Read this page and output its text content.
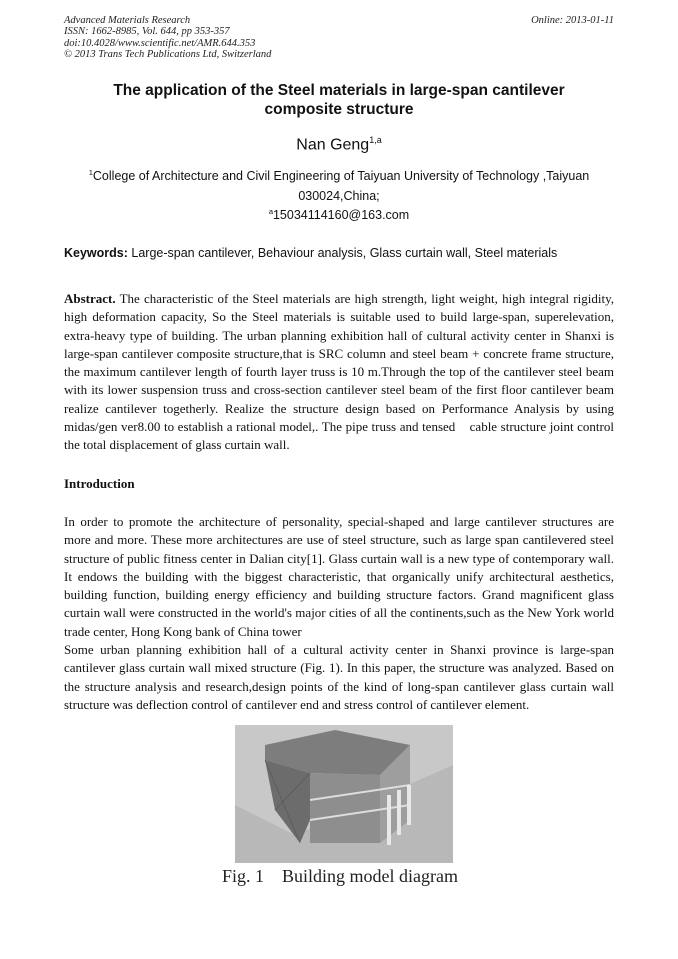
Advanced Materials Research
ISSN: 1662-8985, Vol. 644, pp 353-357
doi:10.4028/www.scientific.net/AMR.644.353
© 2013 Trans Tech Publications Ltd, Switzerland
Online: 2013-01-11
The application of the Steel materials in large-span cantilever
composite structure
Nan Geng$^{1,a}$
$^1$College of Architecture and Civil Engineering of Taiyuan University of Technology ,Taiyuan
030024,China;
$^a$15034114160@163.com
Keywords: Large-span cantilever, Behaviour analysis, Glass curtain wall, Steel materials
Abstract. The characteristic of the Steel materials are high strength, light weight, high integral rigidity, high deformation capacity, So the Steel materials is suitable used to build large-span, superelevation, extra-heavy type of building. The urban planning exhibition hall of cultural activity center in Shanxi is large-span cantilever composite structure,that is SRC column and steel beam + concrete frame structure, the maximum cantilever length of fourth layer truss is 10 m.Through the top of the cantilever steel beam with its lower suspension truss and cross-section cantilever steel beam of the first floor cantilever beam realize cantilever togetherly. Realize the structure design based on Performance Analysis by using midas/gen ver8.00 to establish a rational model,. The pipe truss and tensed    cable structure joint control the total displacement of glass curtain wall.
Introduction
In order to promote the architecture of personality, special-shaped and large cantilever structures are more and more. These more architectures are use of steel structure, such as large span cantilevered steel structure of public fitness center in Dalian city[1]. Glass curtain wall is a new type of contemporary wall. It endows the building with the biggest characteristic, that organically unify architectural aesthetics, building function, building energy efficiency and building structure factors. Grand magnificent glass curtain wall were constructed in the world's major cities of all the continents,such as the New York world trade center, Hong Kong bank of China tower
Some urban planning exhibition hall of a cultural activity center in Shanxi province is large-span cantilever glass curtain wall mixed structure (Fig. 1). In this paper, the structure was analyzed. Based on the structure analysis and research,design points of the kind of long-span cantilever glass curtain wall structure was deflection control of cantilever end and stress control of cantilever element.
Fig. 1    Building model diagram
